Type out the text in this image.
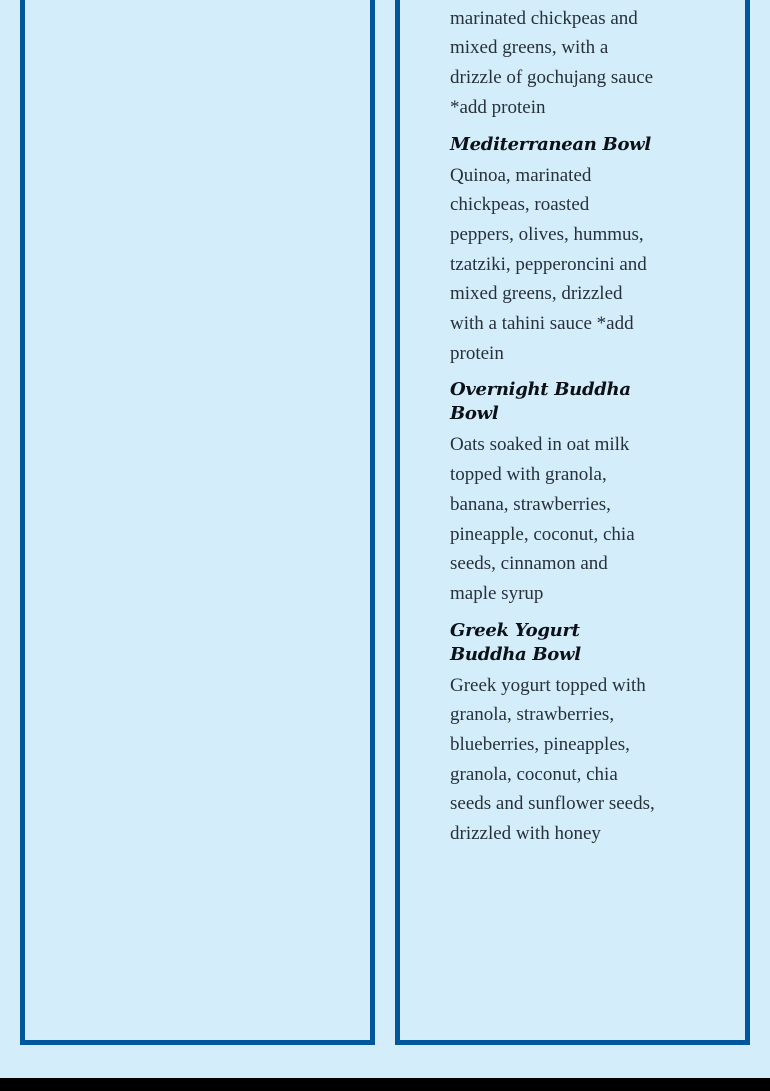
marinated chickpeas and mixed greens, with a drizzle of gochujang sauce *add protein

Mediterranean Bowl

Quinoa, marinated chickpeas, roasted peppers, olives, hummus, tzatziki, pepperoncini and mixed greens, drizzled with a tahini sauce *add protein

Overnight Buddha Bowl

Oats soaked in oat milk topped with granola, banana, strawberries, pineapple, coconut, chia seeds, cinnamon and maple syrup

Greek Yogurt Buddha Bowl

Greek yogurt topped with granola, strawberries, blueberries, pineapples, granola, coconut, chia seeds and sunflower seeds, drizzled with honey
